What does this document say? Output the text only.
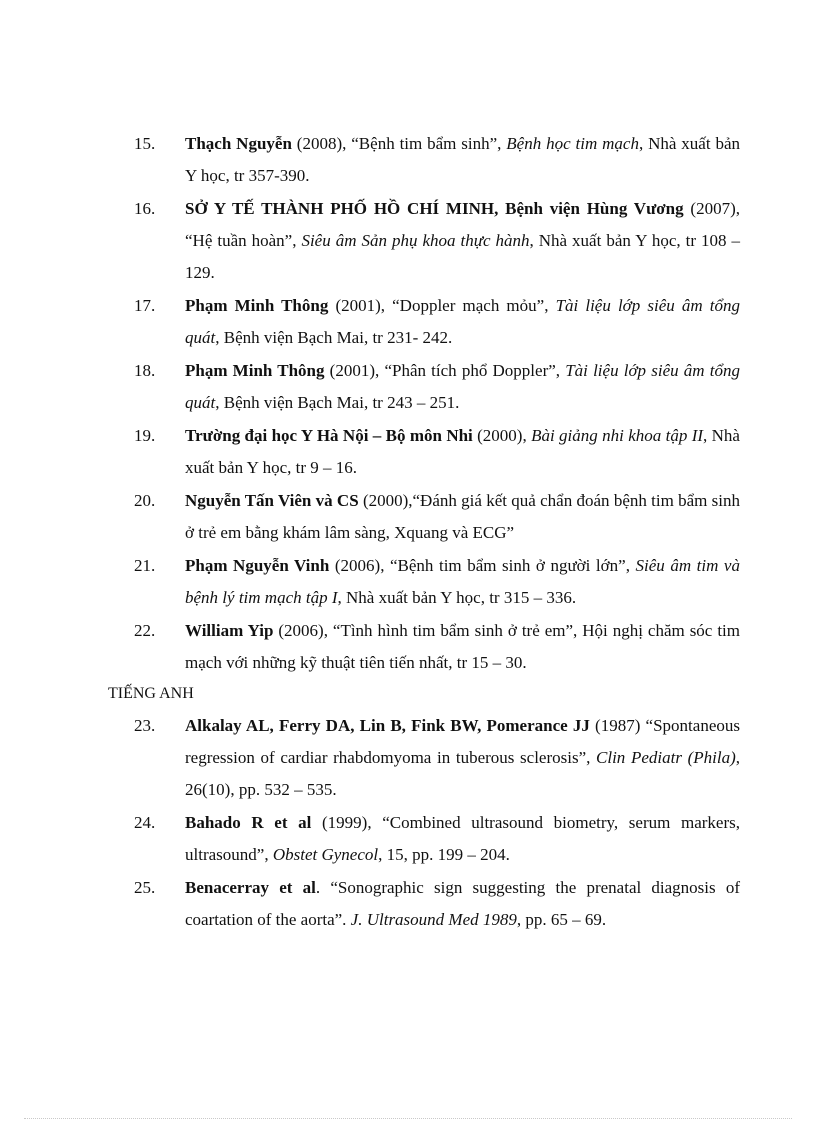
15.	Thạch Nguyễn (2008), “Bệnh tim bẩm sinh”, Bệnh học tim mạch, Nhà xuất bản Y học, tr 357-390.
16.	SỞ Y TẾ THÀNH PHỐ HỒ CHÍ MINH, Bệnh viện Hùng Vương (2007), “Hệ tuần hoàn”, Siêu âm Sản phụ khoa thực hành, Nhà xuất bản Y học, tr 108 – 129.
17.	Phạm Minh Thông (2001), “Doppler mạch mỏu”, Tài liệu lớp siêu âm tổng quát, Bệnh viện Bạch Mai, tr 231- 242.
18.	Phạm Minh Thông (2001), “Phân tích phổ Doppler”, Tài liệu lớp siêu âm tổng quát, Bệnh viện Bạch Mai, tr 243 – 251.
19.	Trường đại học Y Hà Nội – Bộ môn Nhi (2000), Bài giảng nhi khoa tập II, Nhà xuất bản Y học, tr 9 – 16.
20.	Nguyễn Tấn Viên và CS (2000),“Đánh giá kết quả chẩn đoán bệnh tim bẩm sinh ở trẻ em bằng khám lâm sàng, Xquang và ECG”
21.	Phạm Nguyễn Vinh (2006), “Bệnh tim bẩm sinh ở người lớn”, Siêu âm tim và bệnh lý tim mạch tập I, Nhà xuất bản Y học, tr 315 – 336.
22.	William Yip (2006), “Tình hình tim bẩm sinh ở trẻ em”, Hội nghị chăm sóc tim mạch với những kỹ thuật tiên tiến nhất, tr 15 – 30.
TIẾNG ANH
23.	Alkalay AL, Ferry DA, Lin B, Fink BW, Pomerance JJ (1987) “Spontaneous regression of cardiar rhabdomyoma in tuberous sclerosis”, Clin Pediatr (Phila), 26(10), pp. 532 – 535.
24.	Bahado R et al (1999), “Combined ultrasound biometry, serum markers, ultrasound”, Obstet Gynecol, 15, pp. 199 – 204.
25.	Benacerray et al. “Sonographic sign suggesting the prenatal diagnosis of coartation of the aorta”. J. Ultrasound Med 1989, pp. 65 – 69.
